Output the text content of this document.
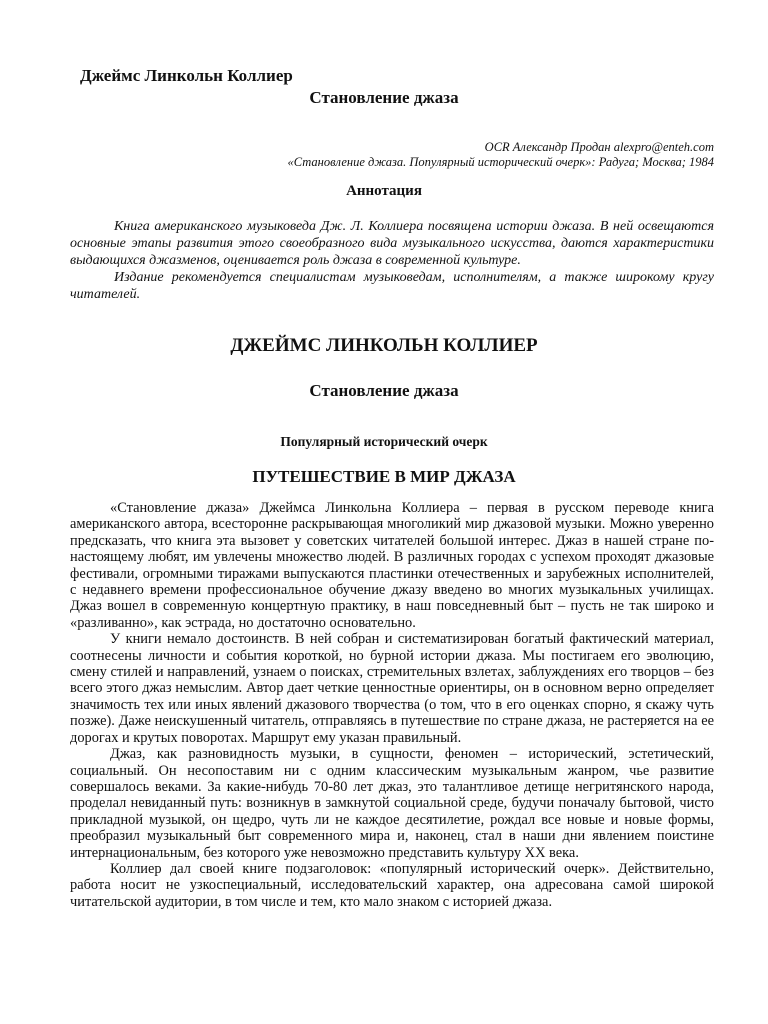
Джеймс Линкольн Коллиер
Становление джаза
OCR Александр Продан alexpro@enteh.com
«Становление джаза. Популярный исторический очерк»: Радуга; Москва; 1984
Аннотация

Книга американского музыковеда Дж. Л. Коллиера посвящена истории джаза. В ней освещаются основные этапы развития этого своеобразного вида музыкального искусства, даются характеристики выдающихся джазменов, оценивается роль джаза в современной культуре.

Издание рекомендуется специалистам музыковедам, исполнителям, а также широкому кругу читателей.

ДЖЕЙМС ЛИНКОЛЬН КОЛЛИЕР
Становление джаза
Популярный исторический очерк
ПУТЕШЕСТВИЕ В МИР ДЖАЗА

«Становление джаза» Джеймса Линкольна Коллиера – первая в русском переводе книга американского автора, всесторонне раскрывающая многоликий мир джазовой музыки. Можно уверенно предсказать, что книга эта вызовет у советских читателей большой интерес. Джаз в нашей стране по-настоящему любят, им увлечены множество людей. В различных городах с успехом проходят джазовые фестивали, огромными тиражами выпускаются пластинки отечественных и зарубежных исполнителей, с недавнего времени профессиональное обучение джазу введено во многих музыкальных училищах. Джаз вошел в современную концертную практику, в наш повседневный быт – пусть не так широко и «разливанно», как эстрада, но достаточно основательно.

У книги немало достоинств. В ней собран и систематизирован богатый фактический материал, соотнесены личности и события короткой, но бурной истории джаза. Мы постигаем его эволюцию, смену стилей и направлений, узнаем о поисках, стремительных взлетах, заблуждениях его творцов – без всего этого джаз немыслим. Автор дает четкие ценностные ориентиры, он в основном верно определяет значимость тех или иных явлений джазового творчества (о том, что в его оценках спорно, я скажу чуть позже). Даже неискушенный читатель, отправляясь в путешествие по стране джаза, не растеряется на ее дорогах и крутых поворотах. Маршрут ему указан правильный.

Джаз, как разновидность музыки, в сущности, феномен – исторический, эстетический, социальный. Он несопоставим ни с одним классическим музыкальным жанром, чье развитие совершалось веками. За какие-нибудь 70-80 лет джаз, это талантливое детище негритянского народа, проделал невиданный путь: возникнув в замкнутой социальной среде, будучи поначалу бытовой, чисто прикладной музыкой, он щедро, чуть ли не каждое десятилетие, рождал все новые и новые формы, преобразил музыкальный быт современного мира и, наконец, стал в наши дни явлением поистине интернациональным, без которого уже невозможно представить культуру XX века.

Коллиер дал своей книге подзаголовок: «популярный исторический очерк». Действительно, работа носит не узкоспециальный, исследовательский характер, она адресована самой широкой читательской аудитории, в том числе и тем, кто мало знаком с историей джаза.
